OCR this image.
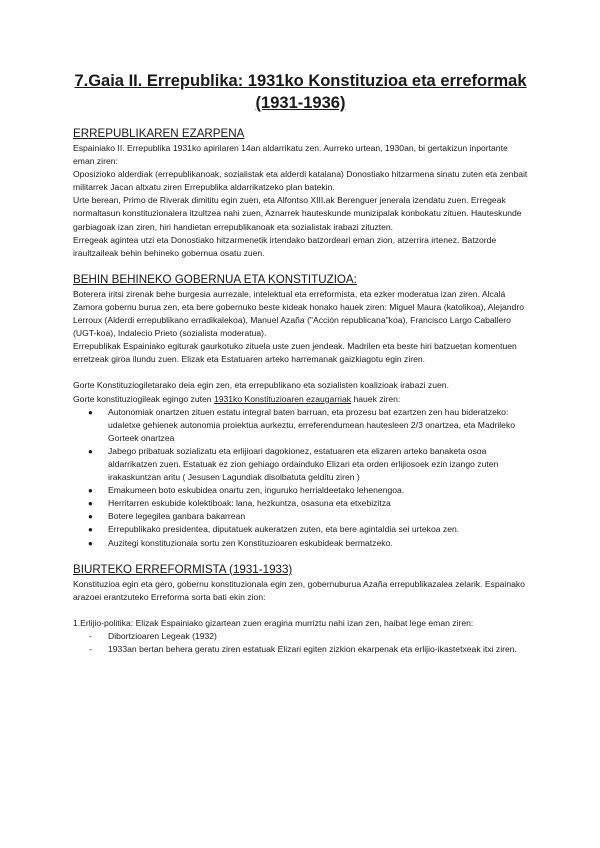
7.Gaia II. Errepublika: 1931ko Konstituzioa eta erreformak
(1931-1936)
ERREPUBLIKAREN EZARPENA

Espainiako II. Errepublika 1931ko apirilaren 14an aldarrikatu zen. Aurreko urtean, 1930an, bi gertakizun inportante eman ziren:

Oposizioko alderdiak (errepublikanoak, sozialistak eta alderdi katalana) Donostiako hitzarmena sinatu zuten eta zenbait militarrek Jacan altxatu ziren Errepublika aldarrikatzeko plan batekin.

Urte berean, Primo de Riverak dimititu egin zuen, eta Alfontso XIII.ak Berenguer jenerala izendatu zuen. Erregeak normaltasun konstituzionalera itzultzea nahi zuen, Aznarrek hauteskunde munizipalak konbokatu zituen. Hauteskunde garbiagoak izan ziren, hiri handietan errepublikanoak eta sozialistak irabazi zituzten.

Erregeak agintea utzi eta Donostiako hitzarmenetik irtendako batzordeari eman zion, atzerrira irtenez. Batzorde iraultzaileak behin behineko gobernua osatu zuen.

BEHIN BEHINEKO GOBERNUA ETA KONSTITUZIOA:

Boterera iritsi zirenak behe burgesia aurrezale, intelektual eta erreformista, eta ezker moderatua izan ziren. Alcalá Zamora gobernu burua zen, eta bere gobernuko beste kideak honako hauek ziren: Miguel Maura (katolikoa), Alejandro Lerroux (Alderdi errepublikano erradikalekoa), Manuel Azaña ("Acción republicana"koa), Francisco Largo Caballero (UGT-koa), Indalecio Prieto (sozialista moderatua).

Errepublikak Espainiako egiturak gaurkotuko zituela uste zuen jendeak. Madrilen eta beste hiri batzuetan komentuen erretzeak giroa ilundu zuen. Elizak eta Estatuaren arteko harremanak gaizkiagotu egin ziren.

Gorte Konstituziogiletarako deia egin zen, eta errepublikano eta sozialisten koalizioak irabazi zuen.

Gorte konstituziogileak egingo zuten 1931ko Konstituzioaren ezaugarriak hauek ziren:

● Autonomiak onartzen zituen estatu integral baten barruan, eta prozesu bat ezartzen zen hau bideratzeko: udaletxe gehienek autonomia proiektua aurkeztu, erreferendumean hautesleen 2/3 onartzea, eta Madrileko Gorteek onartzea
● Jabego pribatuak sozializatu eta erlijioari dagokionez, estatuaren eta elizaren arteko banaketa osoa aldarrikatzen zuen. Estatuak ez zion gehiago ordainduko Elizari eta orden erlijiosoek ezin izango zuten irakaskuntzan aritu ( Jesusen Lagundiak disolbatuta gelditu ziren )
● Emakumeen boto eskubidea onartu zen, inguruko herrialdeetako lehenengoa.
● Herritarren eskubide kolektiboak: lana, hezkuntza, osasuna eta etxebizitza
● Botere legegilea ganbara bakarrean
● Errepublikako presidentea, diputatuek aukeratzen zuten, eta bere agintaldia sei urtekoa zen.
● Auzitegi konstituzionala sortu zen Konstituzioaren eskubideak bermatzeko.
BIURTEKO ERREFORMISTA (1931-1933)

Konstituzioa egin eta gero, gobernu konstituzionala egin zen, gobernuburua Azaña errepublikazalea zelarik. Espainako arazoei erantzuteko Erreforma sorta bati ekin zion:

1.Erlijio-politika: Elizak Espainiako gizartean zuen eragina murriztu nahi izan zen, haibat lege eman ziren:

- Dibortzioaren Legeak (1932)
- 1933an bertan behera geratu ziren estatuak Elizari egiten zizkion ekarpenak eta erlijio-ikastetxeak itxi ziren.
